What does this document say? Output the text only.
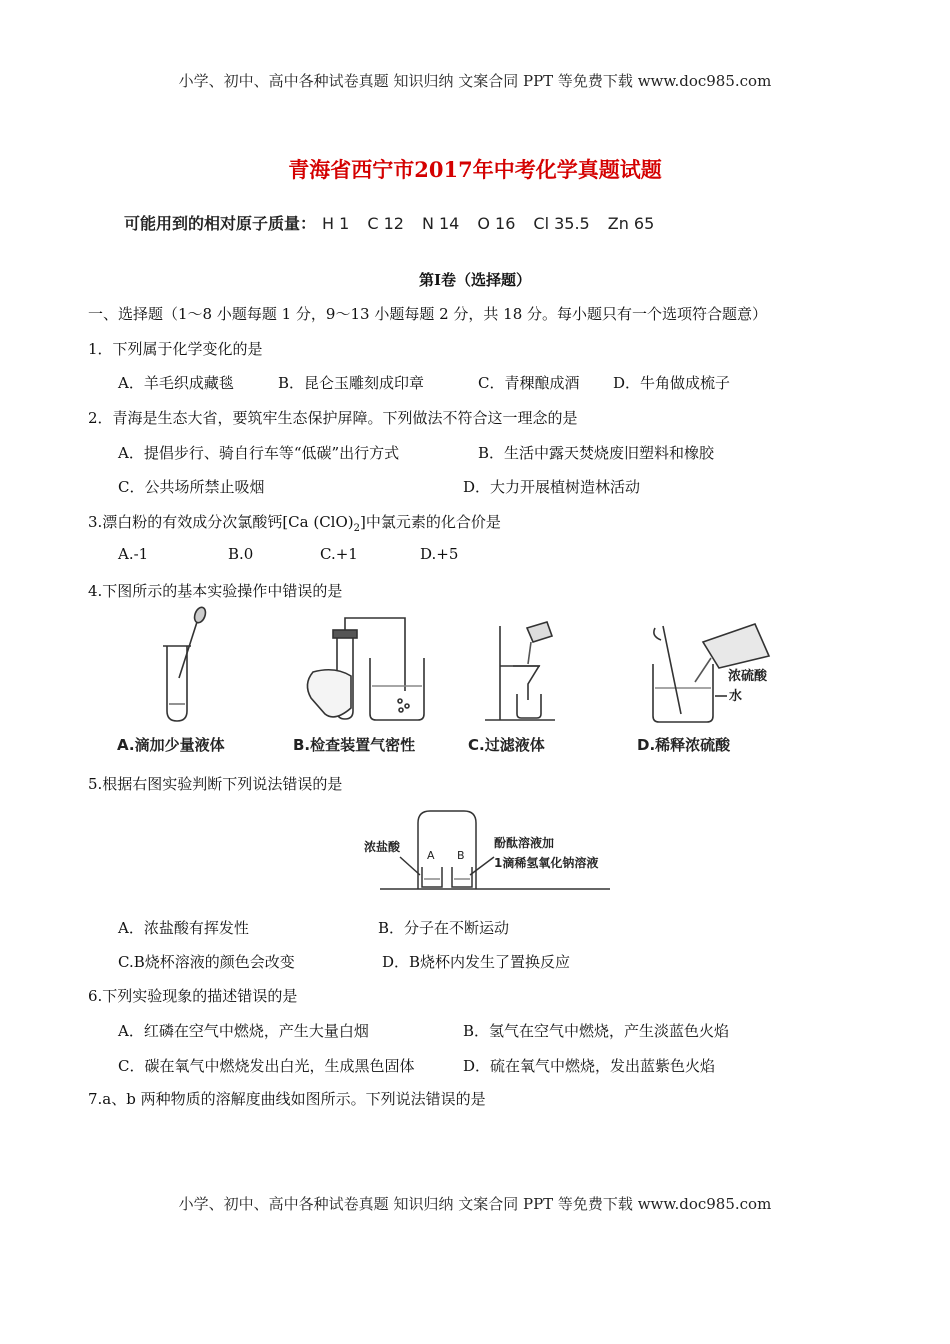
小学、初中、高中各种试卷真题 知识归纳 文案合同 PPT 等免费下载 www.doc985.com
青海省西宁市2017年中考化学真题试题
可能用到的相对原子质量： H 1 C 12 N 14 O 16 Cl 35.5 Zn 65
第Ⅰ卷（选择题）
一、选择题（1～8 小题每题 1 分，9～13 小题每题 2 分，共 18 分。每小题只有一个选项符合题意）
1．下列属于化学变化的是
A．羊毛织成藏毯	B．昆仑玉雕刻成印章	C．青稞酿成酒 D．牛角做成梳子
2．青海是生态大省，要筑牢生态保护屏障。下列做法不符合这一理念的是
A．提倡步行、骑自行车等“低碳”出行方式	B．生活中露天焚烧废旧塑料和橡胶
C．公共场所禁止吸烟	D．大力开展植树造林活动
3.漂白粉的有效成分次氯酸钙[Ca $(ClO)_2$]中氯元素的化合价是
A.-1	B.0	C.+1	D.+5
4.下图所示的基本实验操作中错误的是
浓硫酸
水
A.滴加少量液体	B.检查装置气密性	C.过滤液体	D.稀释浓硫酸
5.根据右图实验判断下列说法错误的是
浓盐酸
A B
酚酞溶液加
1滴稀氢氧化钠溶液
A．浓盐酸有挥发性	B．分子在不断运动
C.B烧杯溶液的颜色会改变	D．B烧杯内发生了置换反应
6.下列实验现象的描述错误的是
A．红磷在空气中燃烧，产生大量白烟	B．氢气在空气中燃烧，产生淡蓝色火焰
C．碳在氧气中燃烧发出白光，生成黑色固体	D．硫在氧气中燃烧，发出蓝紫色火焰
7.a、b 两种物质的溶解度曲线如图所示。下列说法错误的是
小学、初中、高中各种试卷真题 知识归纳 文案合同 PPT 等免费下载 www.doc985.com
